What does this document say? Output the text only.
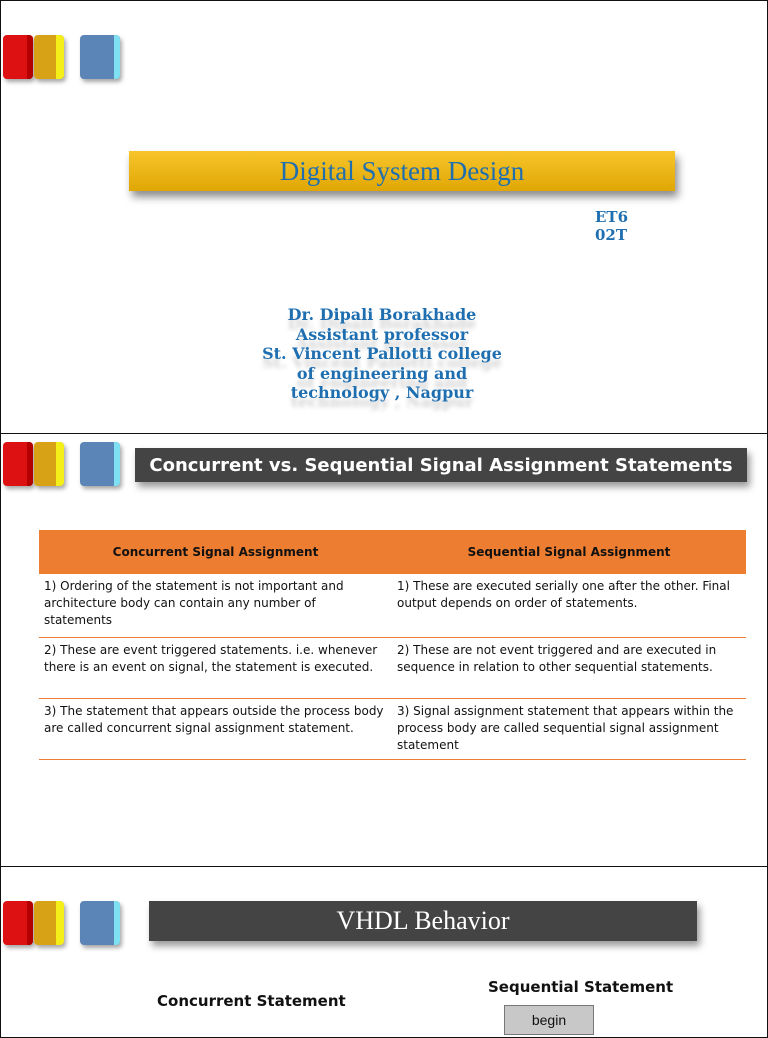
Digital System Design
ET6
02T
Dr. Dipali Borakhade
Assistant professor
St. Vincent Pallotti college
of engineering and
technology , Nagpur
Concurrent vs. Sequential Signal Assignment Statements
Concurrent Signal Assignment	Sequential Signal Assignment
1) Ordering of the statement is not important and architecture body can contain any number of statements	1) These are executed serially one after the other. Final output depends on order of statements.
2) These are event triggered statements. i.e. whenever there is an event on signal, the statement is executed.	2) These are not event triggered and are executed in sequence in relation to other sequential statements.
3) The statement that appears outside the process body are called concurrent signal assignment statement.	3) Signal assignment statement that appears within the process body are called sequential signal assignment statement
VHDL Behavior
Concurrent Statement
Sequential Statement
begin
